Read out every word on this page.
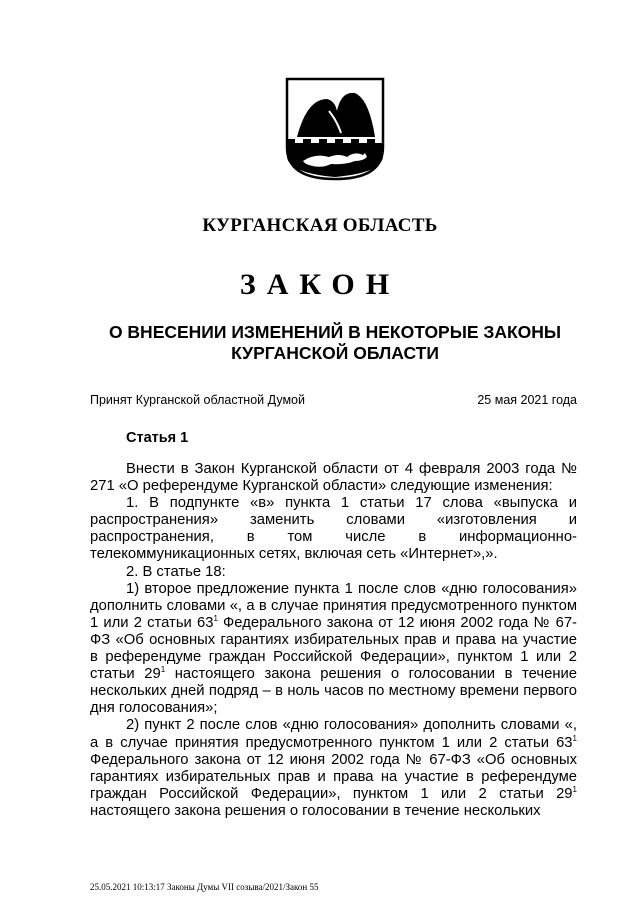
КУРГАНСКАЯ ОБЛАСТЬ
ЗАКОН
О ВНЕСЕНИИ ИЗМЕНЕНИЙ В НЕКОТОРЫЕ ЗАКОНЫ
КУРГАНСКОЙ ОБЛАСТИ
Принят Курганской областной Думой	25 мая 2021 года
Статья 1

Внести в Закон Курганской области от 4 февраля 2003 года № 271 «О референдуме Курганской области» следующие изменения:

1. В подпункте «в» пункта 1 статьи 17 слова «выпуска и распространения» заменить словами «изготовления и распространения, в том числе в информационно-телекоммуникационных сетях, включая сеть «Интернет»,».

2. В статье 18:

1) второе предложение пункта 1 после слов «дню голосования» дополнить словами «, а в случае принятия предусмотренного пунктом 1 или 2 статьи $63^1$ Федерального закона от 12 июня 2002 года № 67-ФЗ «Об основных гарантиях избирательных прав и права на участие в референдуме граждан Российской Федерации», пунктом 1 или 2 статьи $29^1$ настоящего закона решения о голосовании в течение нескольких дней подряд – в ноль часов по местному времени первого дня голосования»;

2) пункт 2 после слов «дню голосования» дополнить словами «, а в случае принятия предусмотренного пунктом 1 или 2 статьи $63^1$ Федерального закона от 12 июня 2002 года № 67-ФЗ «Об основных гарантиях избирательных прав и права на участие в референдуме граждан Российской Федерации», пунктом 1 или 2 статьи $29^1$ настоящего закона решения о голосовании в течение нескольких

25.05.2021 10:13:17 Законы Думы VII созыва/2021/Закон 55
